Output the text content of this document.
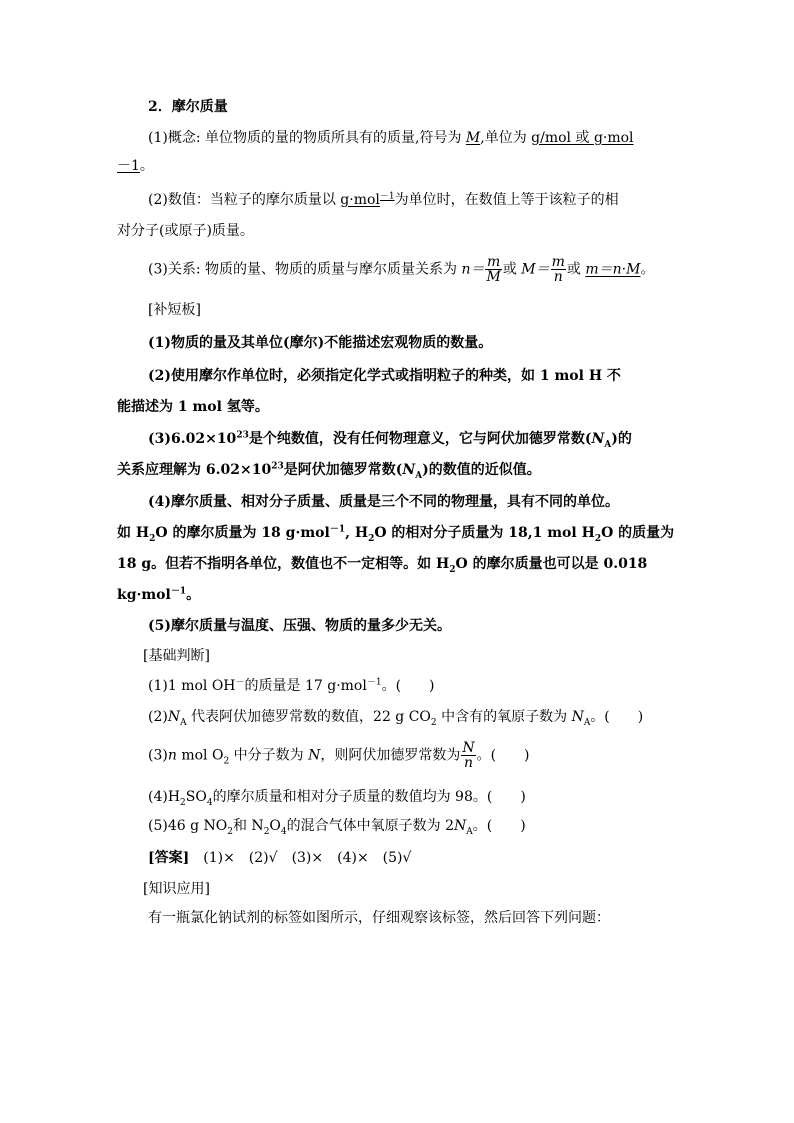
2．摩尔质量
(1)概念: 单位物质的量的物质所具有的质量,符号为 M,单位为 g/mol 或 g·mol
－1。
(2)数值：当粒子的摩尔质量以 g·mol$^{-1}$为单位时，在数值上等于该粒子的相
对分子(或原子)质量。
(3)关系: 物质的量、物质的质量与摩尔质量关系为 $n= \frac{m}{M}$ 或 $M= \frac{m}{n}$ 或 m＝n·M。
[补短板]
(1)物质的量及其单位(摩尔)不能描述宏观物质的数量。
(2)使用摩尔作单位时，必须指定化学式或指明粒子的种类，如 1 mol H 不
能描述为 1 mol 氢等。
$(3)6.02\times 10^{23}$是个纯数值，没有任何物理意义，它与阿伏加德罗常数$(N_A)$的
关系应理解为 $6.02\times 10^{23}$是阿伏加德罗常数$(N_A)$的数值的近似值。
(4)摩尔质量、相对分子质量、质量是三个不同的物理量，具有不同的单位。
如 $H_2O$ 的摩尔质量为 18 g·mol$^{-1}$, $H_2O$ 的相对分子质量为 18,1 mol $H_2O$ 的质量为
18 g。但若不指明各单位，数值也不一定相等。如 $H_2O$ 的摩尔质量也可以是 0.018
kg·mol$^{-1}$。
(5)摩尔质量与温度、压强、物质的量多少无关。
[基础判断]
(1)1 mol OH－的质量是 17 g·mol$^{-1}$。(　　)
$(2)N_A$ 代表阿伏加德罗常数的数值，22 g $CO_2$ 中含有的氧原子数为 $N_A$。(　　)
(3)n mol $O_2$ 中分子数为 N，则阿伏加德罗常数为 $\frac{N}{n}$ 。(　　)
$(4)H_2SO_4$的摩尔质量和相对分子质量的数值均为 98。(　　)
(5)46 g $NO_2$和 $N_2O_4$的混合气体中氧原子数为 $2N_A$。(　　)
[答案]　(1)×　(2)√　(3)×　(4)×　(5)√
[知识应用]
有一瓶氯化钠试剂的标签如图所示，仔细观察该标签，然后回答下列问题：
